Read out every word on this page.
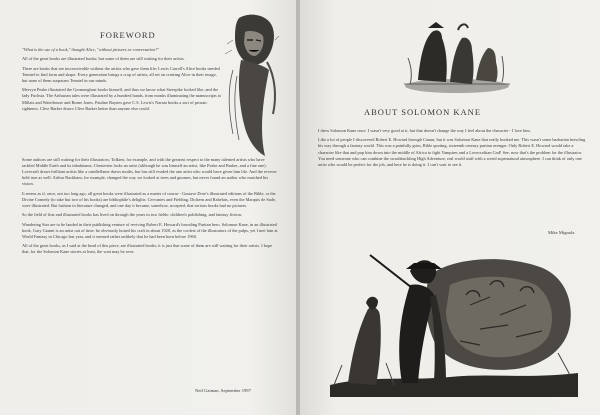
FOREWORD

"What is the use of a book," thought Alice, "without pictures or conversation?"

All of the great books are illustrated books; but some of them are still waiting for their artists.

There are books that are inconceivable without the artists who gave them life; Lewis Carroll's Alice books needed Tenniel to find form and shape. Every generation brings a crop of artists, all set on creating Alice in their image, but none of them surpasses Tenniel in our minds.

Mervyn Peake illustrated the Gormenghast books himself, and thus we know what Steerpike looked like, and the lady Fuchsia. The Arthurian tales were illustrated by a hundred hands, from monks illuminating the manuscripts to Millais and Waterhouse and Burne Jones. Pauline Baynes gave C.S. Lewis's Narnia books a sort of prosaic rightness. Clive Barker draws Clive Barker better than anyone else could.

Some authors are still waiting for their illustrators; Tolkien, for example, and with the greatest respect to the many talented artists who have tackled Middle Earth and its inhabitants; Chesterton lacks an artist (although he was himself an artist, like Peake and Barker, and a fine one). Lovecraft draws brilliant artists like a candleflame draws moths, but has still evaded the one artist who would have given him life. And the reverse held true as well: Arthur Rackham, for example, changed the way we looked at trees and gnomes, but never found an author who matched his vision.

It seems as if, once, not too long ago, all great books were illustrated as a matter of course - Gustave Dore's illustrated editions of the Bible, or the Divine Comedy (to take but two of his books) are bibliophile's delights. Cervantes and Fielding, Dickens and Rabelais, even the Marquis de Sade, were illustrated. But fashion in literature changed, and one day it became, somehow, accepted, that serious books had no pictures.

So the field of fine and illustrated books has lived on through the years in two fields: children's publishing, and fantasy fiction.

Wandering Star are to be lauded in their publishing venture of reviving Robert E. Howard's brooding Puritan hero, Solomon Kane, in an illustrated book. Gary Gianni is an artist out of time: he obviously honed his craft in about 1920, as the coolest of the illustrators of the pulps, yet I met him at World Fantasy in Chicago last year, and it seemed rather unlikely that he had been born before 1960.

All of the great books, as I said at the head of this piece, are illustrated books; it is just that some of them are still waiting for their artists. I hope that, for the Solomon Kane stories at least, the wait may be over.

Neil Gaiman, September 1997
ABOUT SOLOMON KANE

I drew Solomon Kane once. I wasn't very good at it, but that doesn't change the way I feel about the character - I love him.

Like a lot of people I discovered Robert E. Howard through Conan, but it was Solomon Kane that really hooked me. This wasn't some barbarian brawling his way through a fantasy world. This was a painfully grim, Bible quoting, sixteenth century puritan avenger. Only Robert E. Howard would take a character like that and pop him down into the middle of Africa to fight Vampires and a Lovecraftian God! See, now that's the problem for the illustrator. You need someone who can combine the swashbuckling High Adventure, real world stuff with a weird supernatural atmosphere. I can think of only one artist who would be perfect for the job, and here he is doing it. I can't wait to see it.

Mike Mignola
